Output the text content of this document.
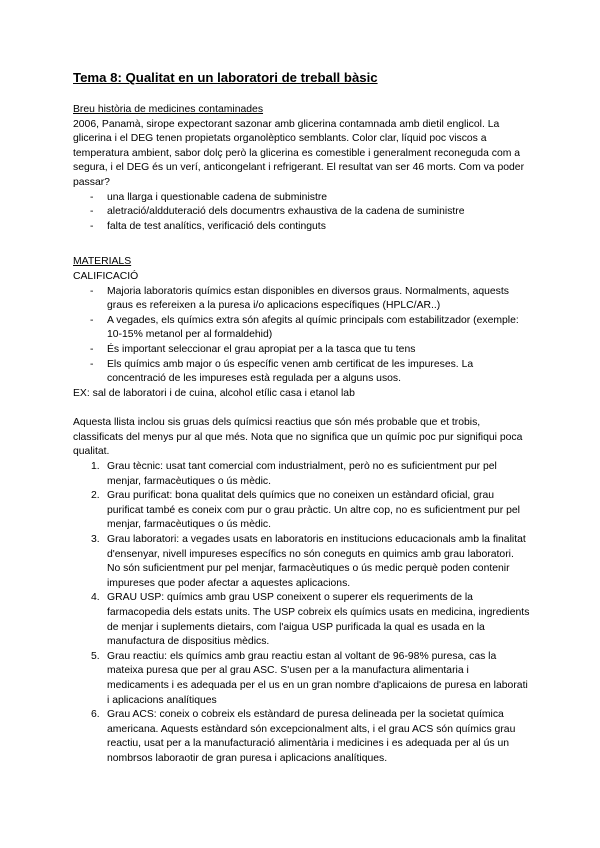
Tema 8: Qualitat en un laboratori de treball bàsic
Breu història de medicines contaminades

2006, Panamà, sirope expectorant sazonar amb glicerina contamnada amb dietil englicol. La glicerina i el DEG tenen propietats organolèptico semblants. Color clar, líquid poc viscos a temperatura ambient, sabor dolç però la glicerina es comestible i generalment reconeguda com a segura, i el DEG és un verí, anticongelant i refrigerant. El resultat van ser 46 morts. Com va poder passar?

- una llarga i questionable cadena de subministre
- aletració/aldduteració dels documentrs exhaustiva de la cadena de suministre
- falta de test analítics, verificació dels continguts
MATERIALS
CALIFICACIÓ
- Majoria laboratoris químics estan disponibles en diversos graus. Normalments, aquests graus es refereixen a la puresa i/o aplicacions específiques (HPLC/AR..)
- A vegades, els químics extra són afegits al químic principals com estabilitzador (exemple: 10-15% metanol per al formaldehid)
- És important seleccionar el grau apropiat per a la tasca que tu tens
- Els químics amb major o ús específic venen amb certificat de les impureses. La concentració de les impureses està regulada per a alguns usos.

EX: sal de laboratori i de cuina, alcohol etílic casa i etanol lab

Aquesta llista inclou sis gruas dels químicsi reactius que són més probable que et trobis, classificats del menys pur al que més. Nota que no significa que un químic poc pur signifiqui poca qualitat.

1. Grau tècnic: usat tant comercial com industrialment, però no es suficientment pur pel menjar, farmacèutiques o ús mèdic.
2. Grau purificat: bona qualitat dels químics que no coneixen un estàndard oficial, grau purificat també es coneix com pur o grau pràctic. Un altre cop, no es suficientment pur pel menjar, farmacèutiques o ús mèdic.
3. Grau laboratori: a vegades usats en laboratoris en institucions educacionals amb la finalitat d'ensenyar, nivell impureses específics no són coneguts en quimics amb grau laboratori. No són suficientment pur pel menjar, farmacèutiques o ús medic perquè poden contenir impureses que poder afectar a aquestes aplicacions.
4. GRAU USP: químics amb grau USP coneixent o superer els requeriments de la farmacopedia dels estats units. The USP cobreix els químics usats en medicina, ingredients de menjar i suplements dietairs, com l'aigua USP purificada la qual es usada en la manufactura de dispositius mèdics.
5. Grau reactiu: els químics amb grau reactiu estan al voltant de 96-98% puresa, cas la mateixa puresa que per al grau ASC. S'usen per a la manufactura alimentaria i medicaments i es adequada per el us en un gran nombre d'aplicaions de puresa en laborati i aplicacions analítiques
6. Grau ACS: coneix o cobreix els estàndard de puresa delineada per la societat química americana. Aquests estàndard són excepcionalment alts, i el grau ACS són químics grau reactiu, usat per a la manufacturació alimentària i medicines i es adequada per al ús un nombrsos laboraotir de gran puresa i aplicacions analítiques.
